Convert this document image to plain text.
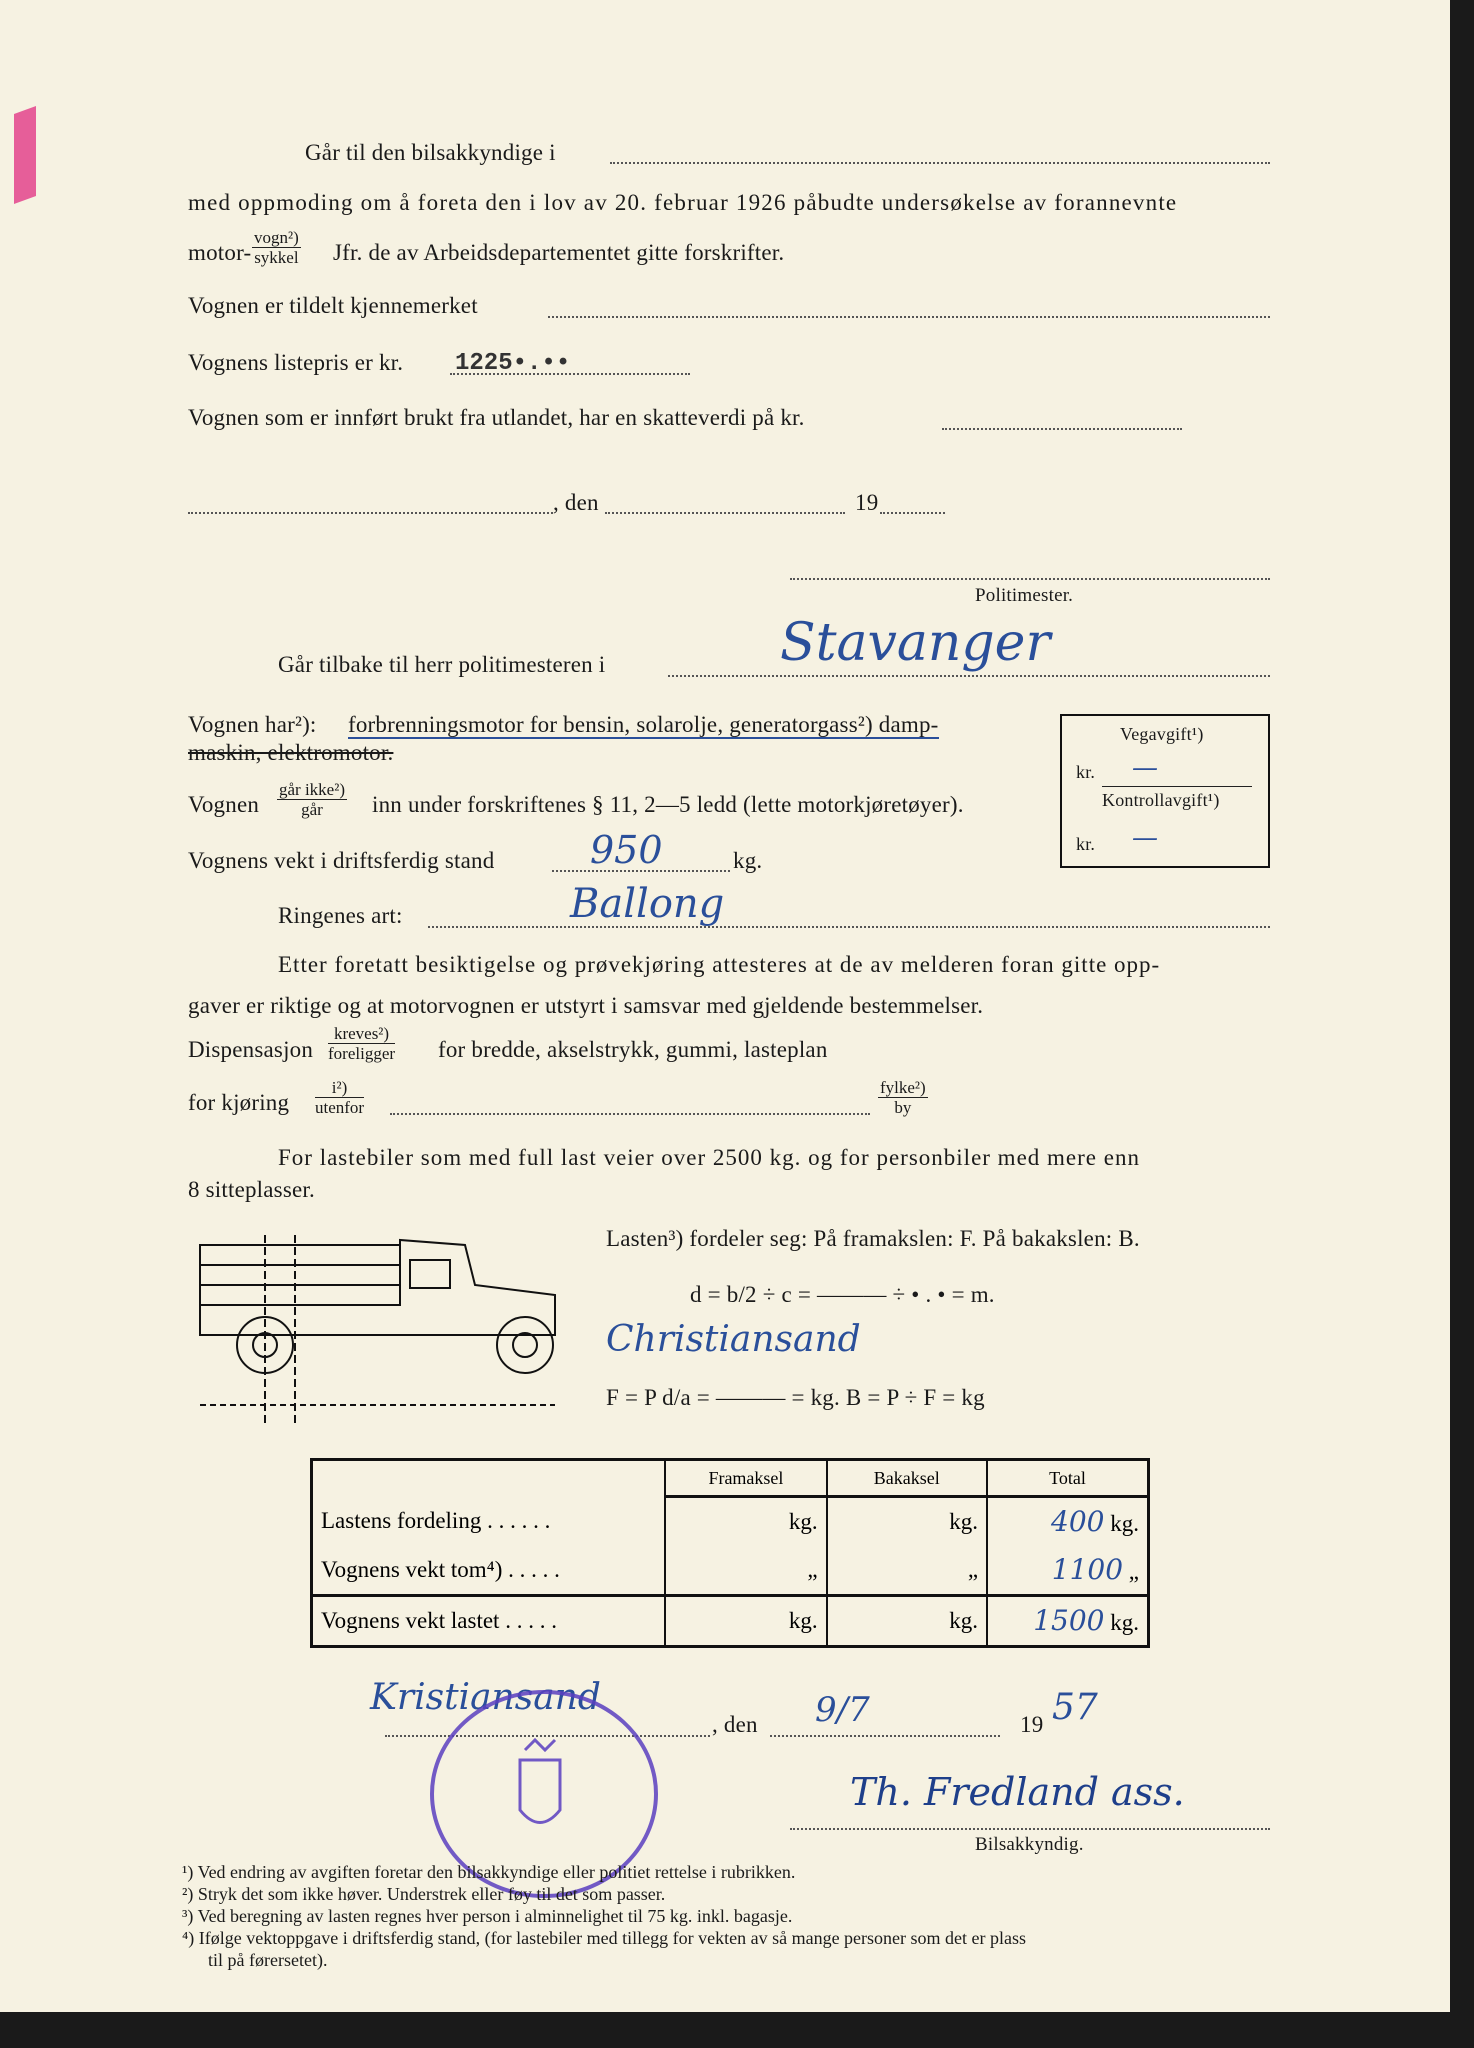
Går til den bilsakkyndige i
med oppmoding om å foreta den i lov av 20. februar 1926 påbudte undersøkelse av forannevnte
motor-
vogn²)
sykkel Jfr. de av Arbeidsdepartementet gitte forskrifter.
Vognen er tildelt kjennemerket
Vognens listepris er kr. 1225•.••
Vognen som er innført brukt fra utlandet, har en skatteverdi på kr.
, den	19
Politimester.
Går tilbake til herr politimesteren i	Stavanger
Vognen har²): forbrenningsmotor for bensin, solarolje, generatorgass²) damp-
maskin, elektromotor.
Vegavgift¹)
kr. —
Kontrollavgift¹)
kr. —
Vognen
går ikke²)
går	inn under forskriftenes § 11, 2—5 ledd (lette motorkjøretøyer).
Vognens vekt i driftsferdig stand	950	kg.
Ringenes art:	Ballong
Etter foretatt besiktigelse og prøvekjøring attesteres at de av melderen foran gitte opp-
gaver er riktige og at motorvognen er utstyrt i samsvar med gjeldende bestemmelser.
Dispensasjon
kreves²)
foreligger for bredde, akselstrykk, gummi, lasteplan
for kjøring
i²)
utenfor
fylke²)
by
For lastebiler som med full last veier over 2500 kg. og for personbiler med mere enn
8 sitteplasser.
Lasten³) fordeler seg: På framakslen: F. På bakakslen: B.
d = b/2 ÷ c = ——— ÷ • . • = m.
Christiansand
F = P d/a = ——— = kg. B = P ÷ F = kg
	Framaksel	Bakaksel	Total
Lastens fordeling . . . . . .	kg.	kg.	400 kg.
Vognens vekt tom⁴) . . . . .	„	„	1100 „
Vognens vekt lastet . . . . .	kg.	kg.	1500 kg.
Kristiansand
, den 9/7	19 57
Th. Fredland ass.
Bilsakkyndig.
¹) Ved endring av avgiften foretar den bilsakkyndige eller politiet rettelse i rubrikken.
²) Stryk det som ikke høver. Understrek eller føy til det som passer.
³) Ved beregning av lasten regnes hver person i alminnelighet til 75 kg. inkl. bagasje.
⁴) Ifølge vektoppgave i driftsferdig stand, (for lastebiler med tillegg for vekten av så mange personer som det er plass
til på førersetet).
